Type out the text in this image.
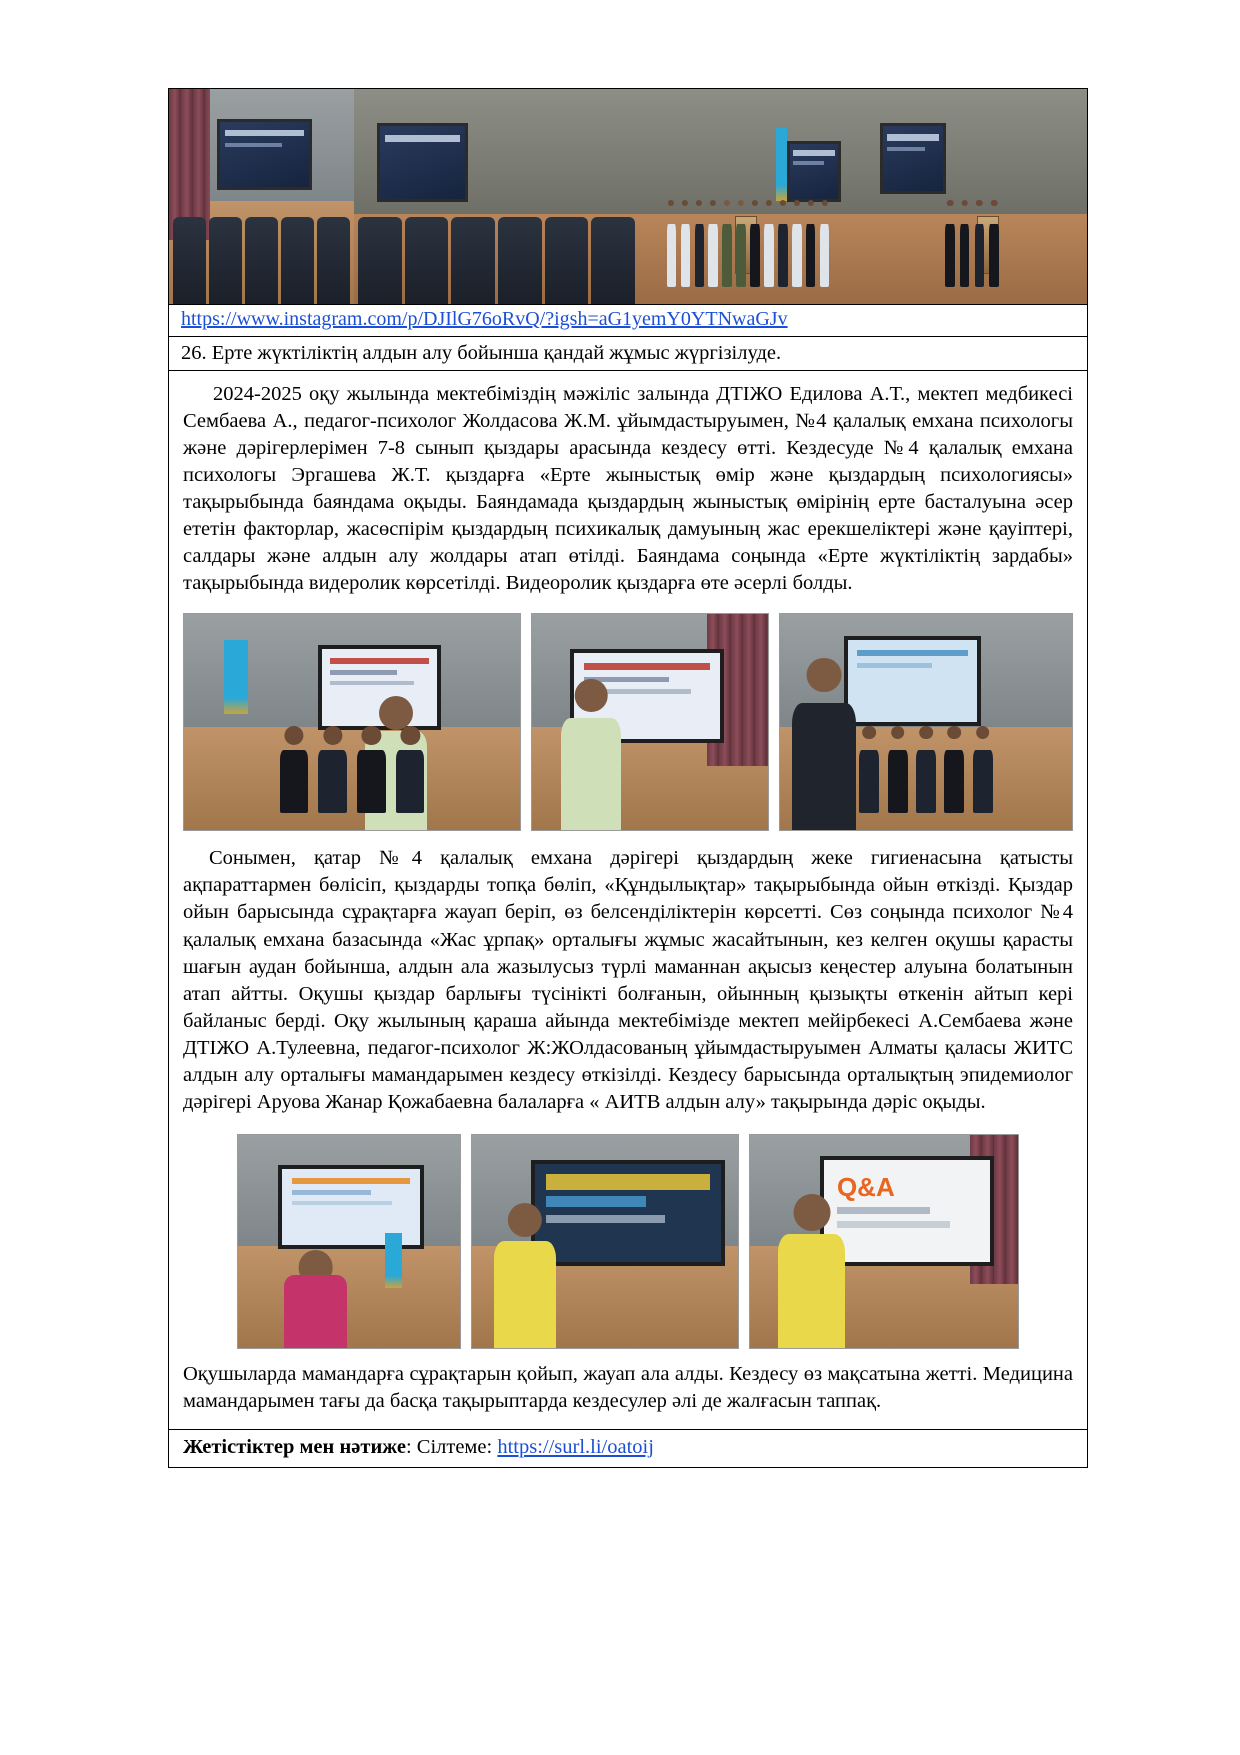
https://www.instagram.com/p/DJIlG76oRvQ/?igsh=aG1yemY0YTNwaGJv
26. Ерте жүктіліктің алдын алу бойынша қандай жұмыс жүргізілуде.

2024-2025 оқу жылында мектебіміздің мәжіліс залында ДТІЖО Едилова А.Т., мектеп медбикесі Сембаева А., педагог-психолог Жолдасова Ж.М. ұйымдастыруымен, №4 қалалық емхана психологы және дәрігерлерімен 7-8 сынып қыздары арасында кездесу өтті. Кездесуде №4 қалалық емхана психологы Эргашева Ж.Т. қыздарға «Ерте жыныстық өмір және қыздардың психологиясы» тақырыбында баяндама оқыды. Баяндамада қыздардың жыныстық өмірінің ерте басталуына әсер ететін факторлар, жасөспірім қыздардың психикалық дамуының жас ерекшеліктері және қауіптері, салдары және алдын алу жолдары атап өтілді. Баяндама соңында «Ерте жүктіліктің зардабы» тақырыбында видеролик көрсетілді. Видеоролик қыздарға өте әсерлі болды.

Сонымен, қатар №4 қалалық емхана дәрігері қыздардың жеке гигиенасына қатысты ақпараттармен бөлісіп, қыздарды топқа бөліп, «Құндылықтар» тақырыбында ойын өткізді. Қыздар ойын барысында сұрақтарға жауап беріп, өз белсенділіктерін көрсетті. Сөз соңында психолог №4 қалалық емхана базасында «Жас ұрпақ» орталығы жұмыс жасайтынын, кез келген оқушы қарасты шағын аудан бойынша, алдын ала жазылусыз түрлі маманнан ақысыз кеңестер алуына болатынын атап айтты. Оқушы қыздар барлығы түсінікті болғанын, ойынның қызықты өткенін айтып кері байланыс берді. Оқу жылының қараша айында мектебімізде мектеп мейірбекесі А.Сембаева және ДТІЖО А.Тулеевна, педагог-психолог Ж:ЖОлдасованың ұйымдастыруымен Алматы қаласы ЖИТС алдын алу орталығы мамандарымен кездесу өткізілді. Кездесу барысында орталықтың эпидемиолог дәрігері Аруова Жанар Қожабаевна балаларға « АИТВ алдын алу» тақырында дәріс оқыды.

Q&A

Оқушыларда мамандарға сұрақтарын қойып, жауап ала алды. Кездесу өз мақсатына жетті. Медицина мамандарымен тағы да басқа тақырыптарда кездесулер әлі де жалғасын таппақ.

Жетістіктер мен нәтиже: Сілтеме: https://surl.li/oatoij
